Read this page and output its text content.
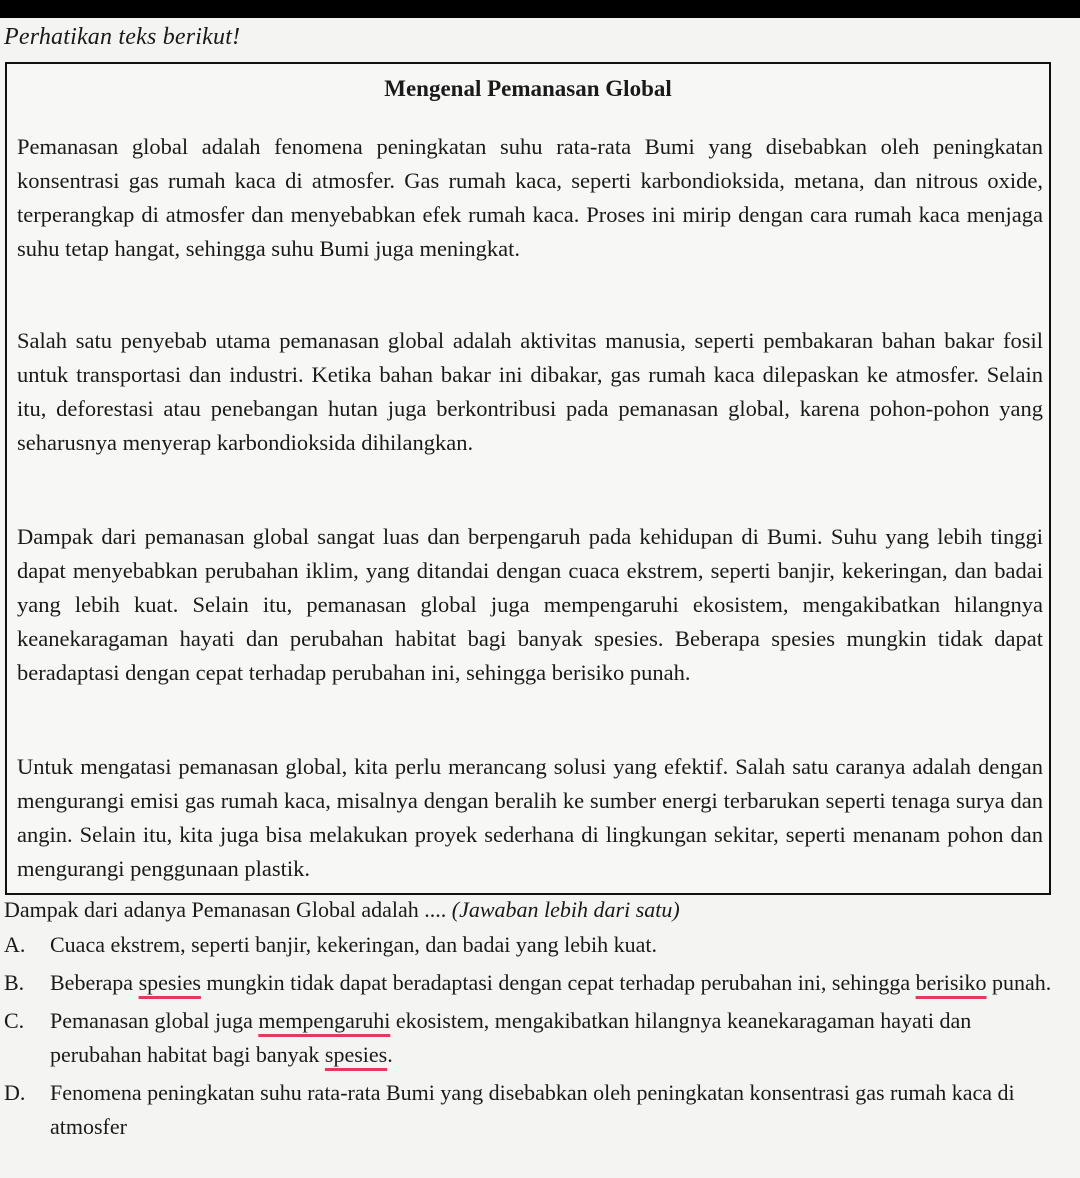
Perhatikan teks berikut!
Mengenal Pemanasan Global

Pemanasan global adalah fenomena peningkatan suhu rata-rata Bumi yang disebabkan oleh peningkatan konsentrasi gas rumah kaca di atmosfer. Gas rumah kaca, seperti karbondioksida, metana, dan nitrous oxide, terperangkap di atmosfer dan menyebabkan efek rumah kaca. Proses ini mirip dengan cara rumah kaca menjaga suhu tetap hangat, sehingga suhu Bumi juga meningkat.

Salah satu penyebab utama pemanasan global adalah aktivitas manusia, seperti pembakaran bahan bakar fosil untuk transportasi dan industri. Ketika bahan bakar ini dibakar, gas rumah kaca dilepaskan ke atmosfer. Selain itu, deforestasi atau penebangan hutan juga berkontribusi pada pemanasan global, karena pohon-pohon yang seharusnya menyerap karbondioksida dihilangkan.

Dampak dari pemanasan global sangat luas dan berpengaruh pada kehidupan di Bumi. Suhu yang lebih tinggi dapat menyebabkan perubahan iklim, yang ditandai dengan cuaca ekstrem, seperti banjir, kekeringan, dan badai yang lebih kuat. Selain itu, pemanasan global juga mempengaruhi ekosistem, mengakibatkan hilangnya keanekaragaman hayati dan perubahan habitat bagi banyak spesies. Beberapa spesies mungkin tidak dapat beradaptasi dengan cepat terhadap perubahan ini, sehingga berisiko punah.

Untuk mengatasi pemanasan global, kita perlu merancang solusi yang efektif. Salah satu caranya adalah dengan mengurangi emisi gas rumah kaca, misalnya dengan beralih ke sumber energi terbarukan seperti tenaga surya dan angin. Selain itu, kita juga bisa melakukan proyek sederhana di lingkungan sekitar, seperti menanam pohon dan mengurangi penggunaan plastik.

Dampak dari adanya Pemanasan Global adalah .... (Jawaban lebih dari satu)
A.	Cuaca ekstrem, seperti banjir, kekeringan, dan badai yang lebih kuat.
B.	Beberapa spesies mungkin tidak dapat beradaptasi dengan cepat terhadap perubahan ini, sehingga berisiko punah.
C.	Pemanasan global juga mempengaruhi ekosistem, mengakibatkan hilangnya keanekaragaman hayati dan perubahan habitat bagi banyak spesies.
D.	Fenomena peningkatan suhu rata-rata Bumi yang disebabkan oleh peningkatan konsentrasi gas rumah kaca di atmosfer
